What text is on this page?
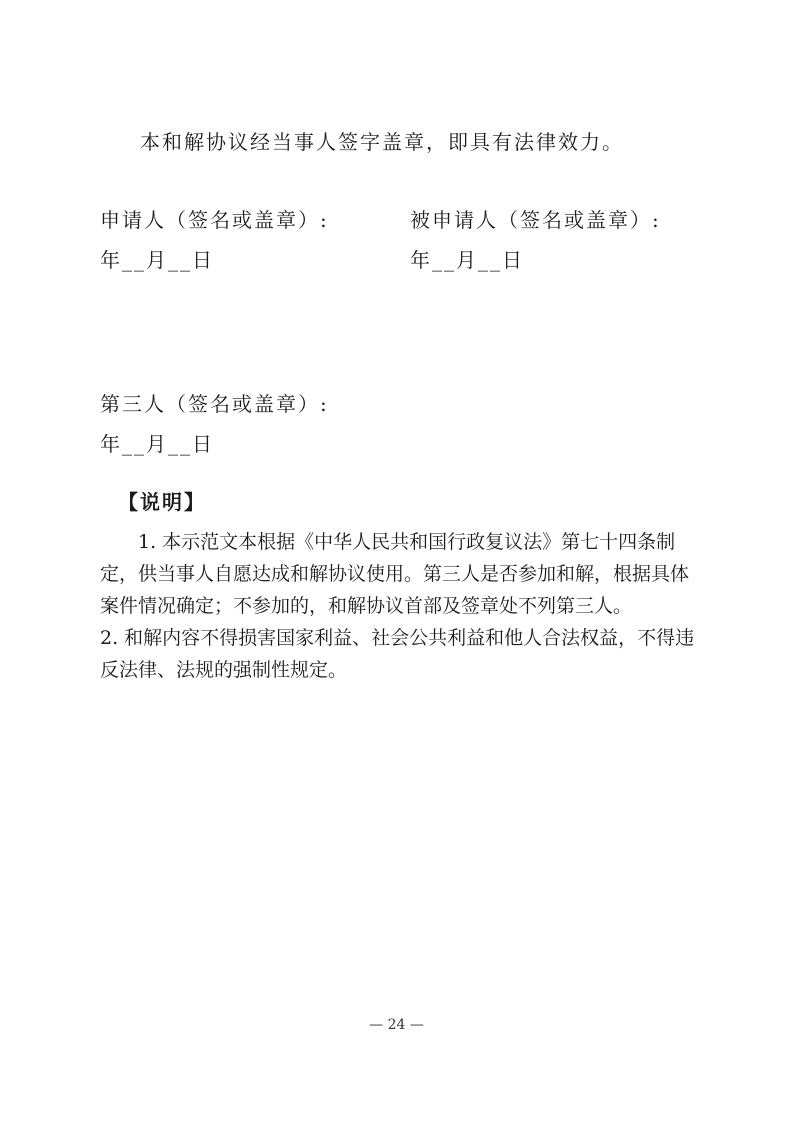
本和解协议经当事人签字盖章，即具有法律效力。
申请人（签名或盖章）:
年__月__日
被申请人（签名或盖章）:
年__月__日
第三人（签名或盖章）:
年__月__日
【说明】

1. 本示范文本根据《中华人民共和国行政复议法》第七十四条制定，供当事人自愿达成和解协议使用。第三人是否参加和解，根据具体案件情况确定；不参加的，和解协议首部及签章处不列第三人。

2. 和解内容不得损害国家利益、社会公共利益和他人合法权益，不得违反法律、法规的强制性规定。

— 24 —
